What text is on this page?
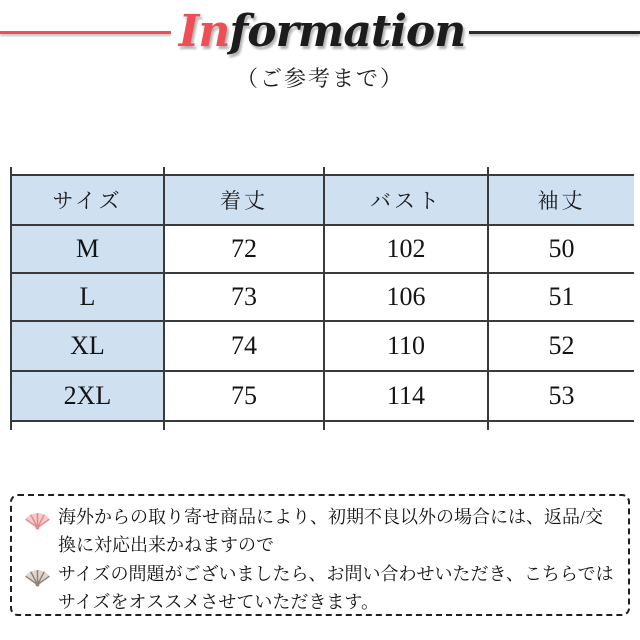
Information
（ご参考まで）

サイズ	着丈	バスト	袖丈
M	72	102	50
L	73	106	51
XL	74	110	52
2XL	75	114	53

海外からの取り寄せ商品により、初期不良以外の場合には、返品/交換に対応出来かねますので
サイズの問題がございましたら、お問い合わせいただき、こちらではサイズをオススメさせていただきます。
